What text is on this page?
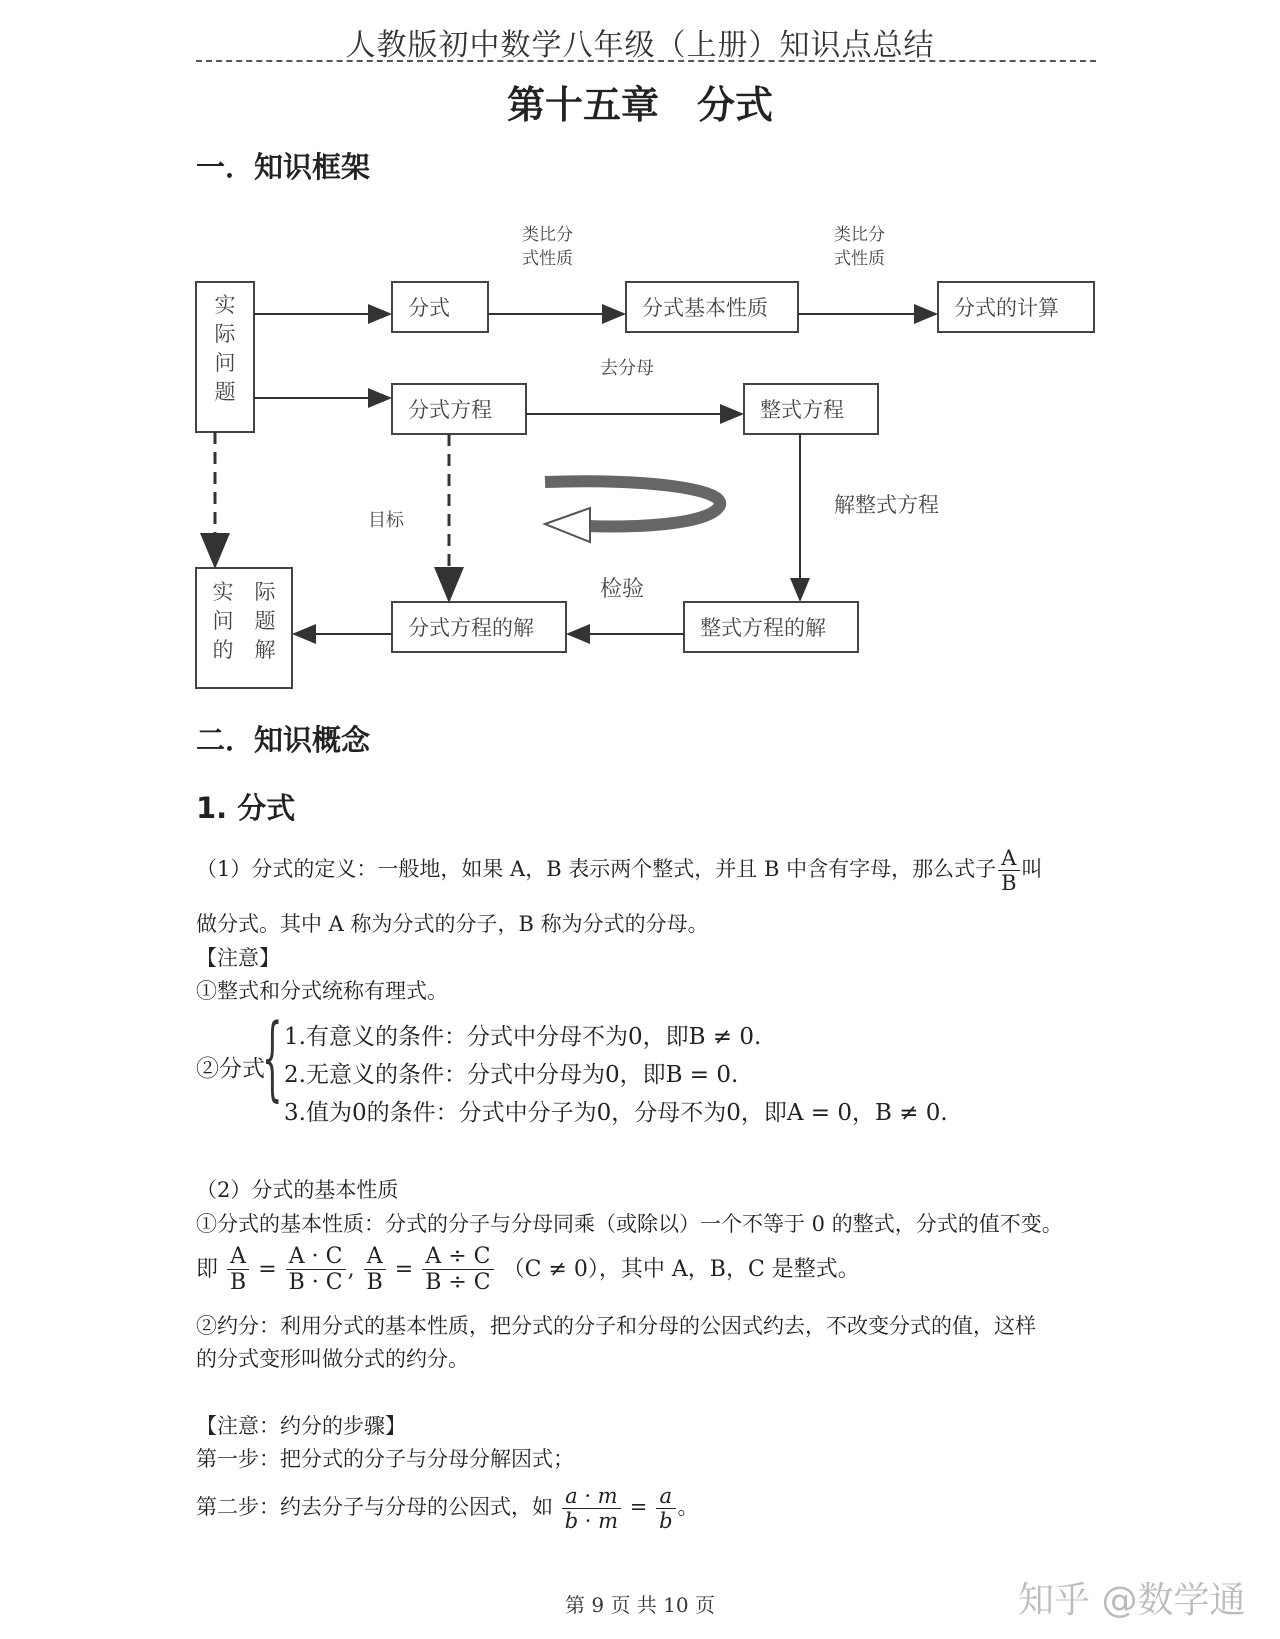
人教版初中数学八年级（上册）知识点总结
第十五章　分式
一．知识框架
实
际
问
题
分式	分式基本性质	分式的计算
分式方程	整式方程
实　际
问　题
的　解
分式方程的解	整式方程的解
类比分
式性质
类比分
式性质
去分母
目标
解整式方程
检验
二．知识概念
1. 分式
（1）分式的定义：一般地，如果 A，B 表示两个整式，并且 B 中含有字母，那么式子 $\frac{A}{B}$ 叫
做分式。其中 A 称为分式的分子，B 称为分式的分母。
【注意】
①整式和分式统称有理式。
②分式
{ 1.有意义的条件：分式中分母不为0，即B ≠ 0.
2.无意义的条件：分式中分母为0，即B = 0.
3.值为0的条件：分式中分子为0，分母不为0，即A = 0，B ≠ 0.
（2）分式的基本性质
①分式的基本性质：分式的分子与分母同乘（或除以）一个不等于 0 的整式，分式的值不变。
即 $\frac{A}{B} = \frac{A \cdot C}{B \cdot C}$ , $\frac{A}{B} = \frac{A \div C}{B \div C} (C \ne 0)$，其中 A，B，C 是整式。
②约分：利用分式的基本性质，把分式的分子和分母的公因式约去，不改变分式的值，这样
的分式变形叫做分式的约分。
【注意：约分的步骤】
第一步：把分式的分子与分母分解因式；
第二步：约去分子与分母的公因式，如 $\frac{a \cdot m}{b \cdot m} = \frac{a}{b}$ 。
第 9 页 共 10 页	知乎 @数学通
